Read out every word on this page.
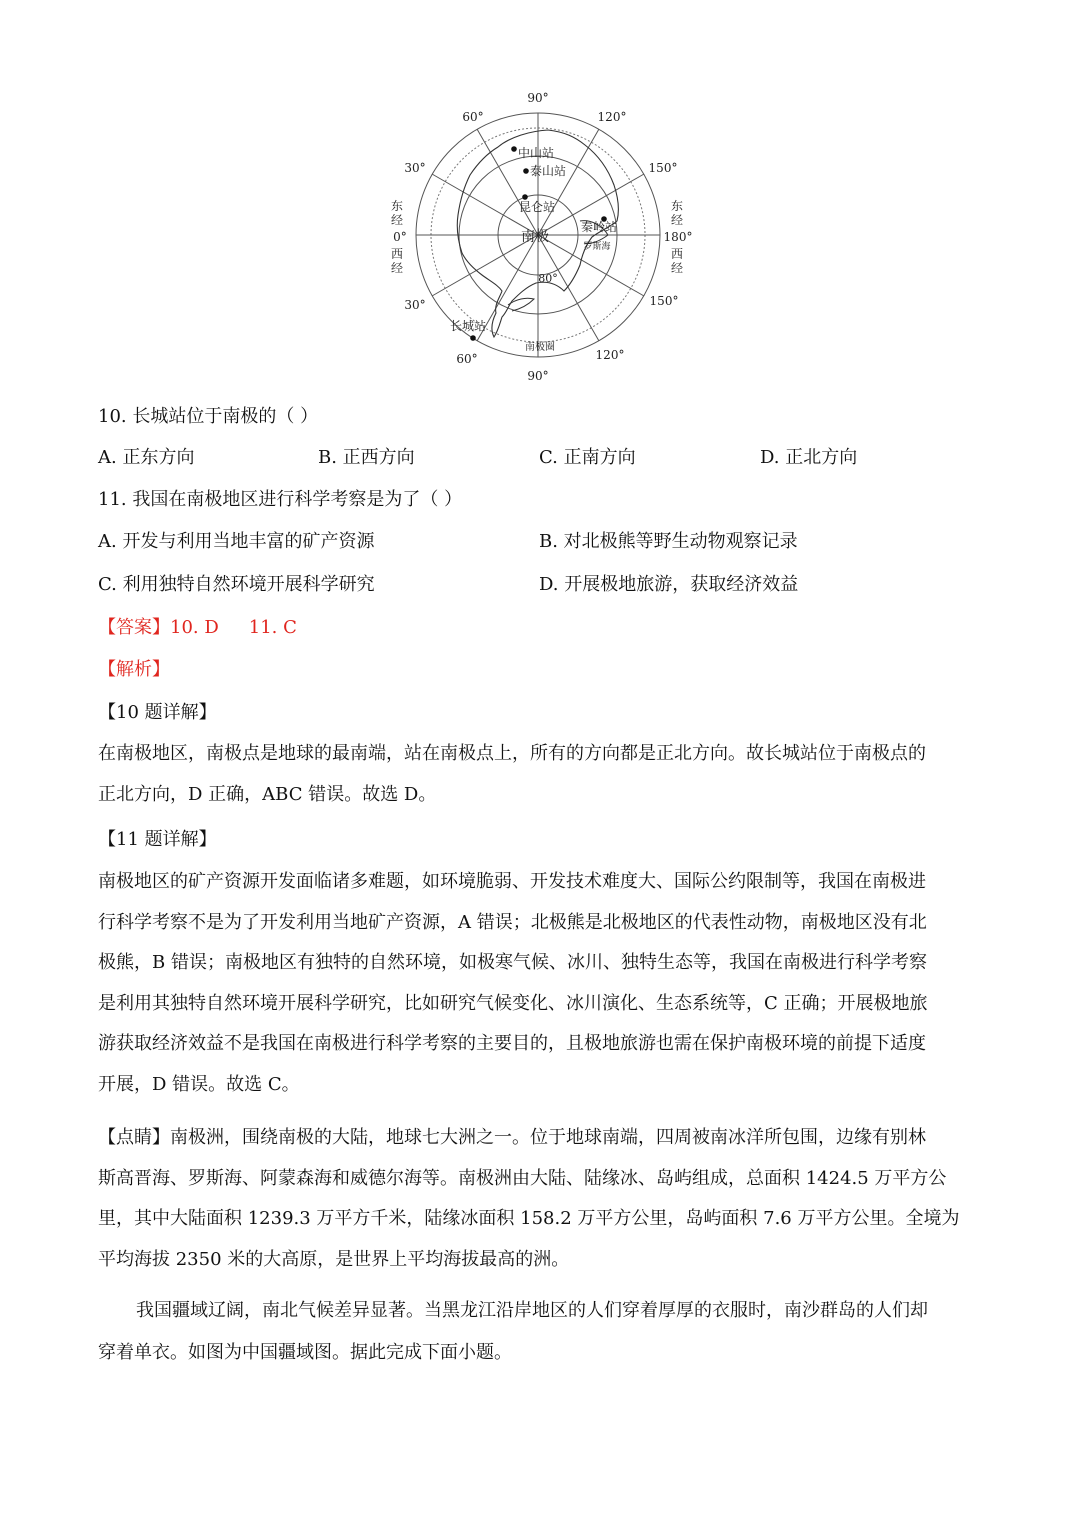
90°
60°	120°
30°	150°
东
经
0°
西
经
东
经
180°
西
经
30°	150°
60°	120°
90°
80°
南极
南极圈
罗斯海
中山站
泰山站
昆仑站
秦岭站
长城站
10. 长城站位于南极的（ ）
A. 正东方向	B. 正西方向	C. 正南方向	D. 正北方向
11. 我国在南极地区进行科学考察是为了（ ）
A. 开发与利用当地丰富的矿产资源	B. 对北极熊等野生动物观察记录
C. 利用独特自然环境开展科学研究	D. 开展极地旅游，获取经济效益
【答案】10. D 11. C
【解析】
【10 题详解】
在南极地区，南极点是地球的最南端，站在南极点上，所有的方向都是正北方向。故长城站位于南极点的
正北方向，D 正确，ABC 错误。故选 D。
【11 题详解】
南极地区的矿产资源开发面临诸多难题，如环境脆弱、开发技术难度大、国际公约限制等，我国在南极进
行科学考察不是为了开发利用当地矿产资源，A 错误；北极熊是北极地区的代表性动物，南极地区没有北
极熊，B 错误；南极地区有独特的自然环境，如极寒气候、冰川、独特生态等，我国在南极进行科学考察
是利用其独特自然环境开展科学研究，比如研究气候变化、冰川演化、生态系统等，C 正确；开展极地旅
游获取经济效益不是我国在南极进行科学考察的主要目的，且极地旅游也需在保护南极环境的前提下适度
开展，D 错误。故选 C。
【点睛】南极洲，围绕南极的大陆，地球七大洲之一。位于地球南端，四周被南冰洋所包围，边缘有别林
斯高晋海、罗斯海、阿蒙森海和威德尔海等。南极洲由大陆、陆缘冰、岛屿组成，总面积 1424.5 万平方公
里，其中大陆面积 1239.3 万平方千米，陆缘冰面积 158.2 万平方公里，岛屿面积 7.6 万平方公里。全境为
平均海拔 2350 米的大高原，是世界上平均海拔最高的洲。
我国疆域辽阔，南北气候差异显著。当黑龙江沿岸地区的人们穿着厚厚的衣服时，南沙群岛的人们却
穿着单衣。如图为中国疆域图。据此完成下面小题。
